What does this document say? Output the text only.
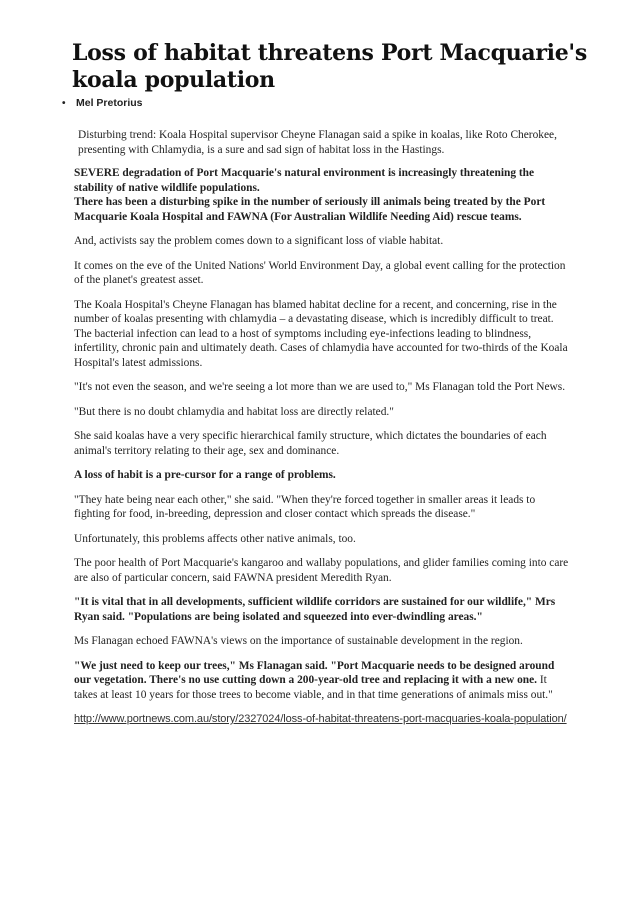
Loss of habitat threatens Port Macquarie's koala population
• Mel Pretorius

Disturbing trend: Koala Hospital supervisor Cheyne Flanagan said a spike in koalas, like Roto Cherokee, presenting with Chlamydia, is a sure and sad sign of habitat loss in the Hastings.

SEVERE degradation of Port Macquarie's natural environment is increasingly threatening the stability of native wildlife populations.
There has been a disturbing spike in the number of seriously ill animals being treated by the Port Macquarie Koala Hospital and FAWNA (For Australian Wildlife Needing Aid) rescue teams.

And, activists say the problem comes down to a significant loss of viable habitat.

It comes on the eve of the United Nations' World Environment Day, a global event calling for the protection of the planet's greatest asset.

The Koala Hospital's Cheyne Flanagan has blamed habitat decline for a recent, and concerning, rise in the number of koalas presenting with chlamydia – a devastating disease, which is incredibly difficult to treat. The bacterial infection can lead to a host of symptoms including eye-infections leading to blindness, infertility, chronic pain and ultimately death. Cases of chlamydia have accounted for two-thirds of the Koala Hospital's latest admissions.

"It's not even the season, and we're seeing a lot more than we are used to," Ms Flanagan told the Port News.

"But there is no doubt chlamydia and habitat loss are directly related."

She said koalas have a very specific hierarchical family structure, which dictates the boundaries of each animal's territory relating to their age, sex and dominance.

A loss of habit is a pre-cursor for a range of problems.

"They hate being near each other," she said. "When they're forced together in smaller areas it leads to fighting for food, in-breeding, depression and closer contact which spreads the disease."

Unfortunately, this problems affects other native animals, too.

The poor health of Port Macquarie's kangaroo and wallaby populations, and glider families coming into care are also of particular concern, said FAWNA president Meredith Ryan.

"It is vital that in all developments, sufficient wildlife corridors are sustained for our wildlife," Mrs Ryan said. "Populations are being isolated and squeezed into ever-dwindling areas."

Ms Flanagan echoed FAWNA's views on the importance of sustainable development in the region.

"We just need to keep our trees," Ms Flanagan said. "Port Macquarie needs to be designed around our vegetation. There's no use cutting down a 200-year-old tree and replacing it with a new one. It takes at least 10 years for those trees to become viable, and in that time generations of animals miss out."

http://www.portnews.com.au/story/2327024/loss-of-habitat-threatens-port-macquaries-koala-population/
